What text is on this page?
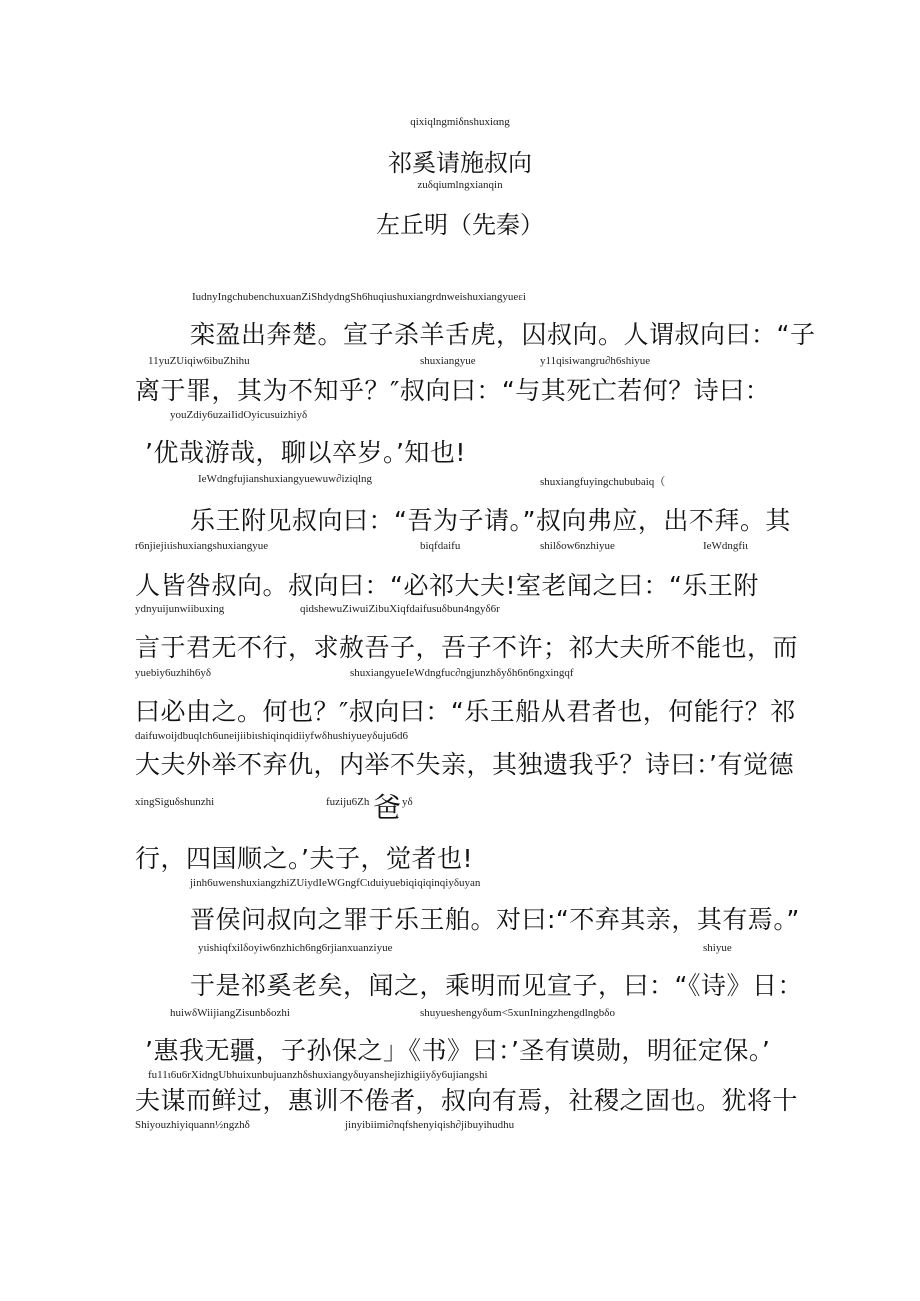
qixiqlngmiδnshuxiαng
祁奚请施叔向
zuδqiumlngxianqin
左丘明（先秦）
IudnyIngchubenchuxuanZiShdydngSh6huqiushuxiangrdnweishuxiangyueεi
栾盈出奔楚。宣子杀羊舌虎，囚叔向。人谓叔向曰：“子
11yuZUiqiw6ibuZhihu	shuxiangyue	y11qisiwangru∂h6shiyue
离于罪，其为不知乎？″叔向曰：“与其死亡若何？诗曰：
youZdiy6uzaiIidOyicusuizhiyδ
’优哉游哉，聊以卒岁。’知也!
IeWdngfujianshuxiangyuewuw∂iziqlng	shuxiangfuyingchububaiq（
乐王附见叔向曰：“吾为子请。”叔向弗应，出不拜。其
r6njiejiιishuxiangshuxiangyue	biqfdaifu	shilδow6nzhiyue	IeWdngfiι
人皆咎叔向。叔向曰：“必祁大夫!室老闻之曰：“乐王附
ydnyuijunwiibuxing	qidshewuZiwuiZibuXiqfdaifusuδbun4ngyδ6r
言于君无不行，求赦吾子，吾子不许；祁大夫所不能也，而
yuebiy6uzhih6yδ	shuxiangyueIeWdngfuc∂ngjunzhδyδh6n6ngxingqf
曰必由之。何也？″叔向曰：“乐王船从君者也，何能行？祁
daifuwoijdbuqlch6uneijiibiιshiqinqidiiyfwδhushiyueyδuju6d6
大夫外举不弃仇，内举不失亲，其独遗我乎？诗曰：’有觉德
xingSiguδshunzhi	fuziju6Zh 爸 yδ
行，四国顺之。’夫子，觉者也!
jinh6uwenshuxiangzhiZUiydIeWGngfCιduiyuebiqiqiqinqiyδuyan
晋侯问叔向之罪于乐王舶。对曰:“不弃其亲，其有焉。”
yιishiqfxilδoyiw6nzhich6ng6rjianxuanziyue	shiyue
于是祁奚老矣，闻之，乘明而见宣子，曰：“《诗》日：
huiwδWiijiangZisunbδozhi	shuyueshengyδum<5xunIningzhengdlngbδo
’惠我无疆，子孙保之」《书》曰：’圣有谟勋，明征定保。’
fu11ι6u6rXidngUbhuixunbujuanzhδshuxiangyδuyanshejizhigiiyδy6ujiangshi
夫谋而鲜过，惠训不倦者，叔向有焉，社稷之固也。犹将十
Shiyouzhiyiquann½ngzhδ	jinyibiimi∂nqfshenyiqish∂jibuyihudhu
